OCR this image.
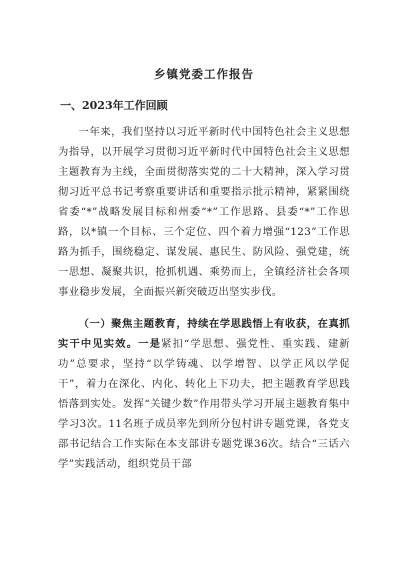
乡镇党委工作报告
一、2023年工作回顾

一年来，我们坚持以习近平新时代中国特色社会主义思想为指导，以开展学习贯彻习近平新时代中国特色社会主义思想主题教育为主线，全面贯彻落实党的二十大精神，深入学习贯彻习近平总书记考察重要讲话和重要指示批示精神，紧紧围绕省委“*”战略发展目标和州委“*”工作思路、县委“*”工作思路，以*镇一个目标、三个定位、四个着力增强“123”工作思路为抓手，围绕稳定、谋发展、惠民生、防风险、强党建，统一思想、凝聚共识，抢抓机遇、乘势而上，全镇经济社会各项事业稳步发展，全面振兴新突破迈出坚实步伐。

（一）聚焦主题教育，持续在学思践悟上有收获，在真抓实干中见实效。一是紧扣“学思想、强党性、重实践、建新功”总要求，坚持“以学铸魂、以学增智、以学正风以学促干”，着力在深化、内化、转化上下功夫，把主题教育学思践悟落到实处。发挥“关键少数”作用带头学习开展主题教育集中学习3次。11名班子成员率先到所分包村讲专题党课，各党支部书记结合工作实际在本支部讲专题党课36次。结合“三话六学”实践活动，组织党员干部
